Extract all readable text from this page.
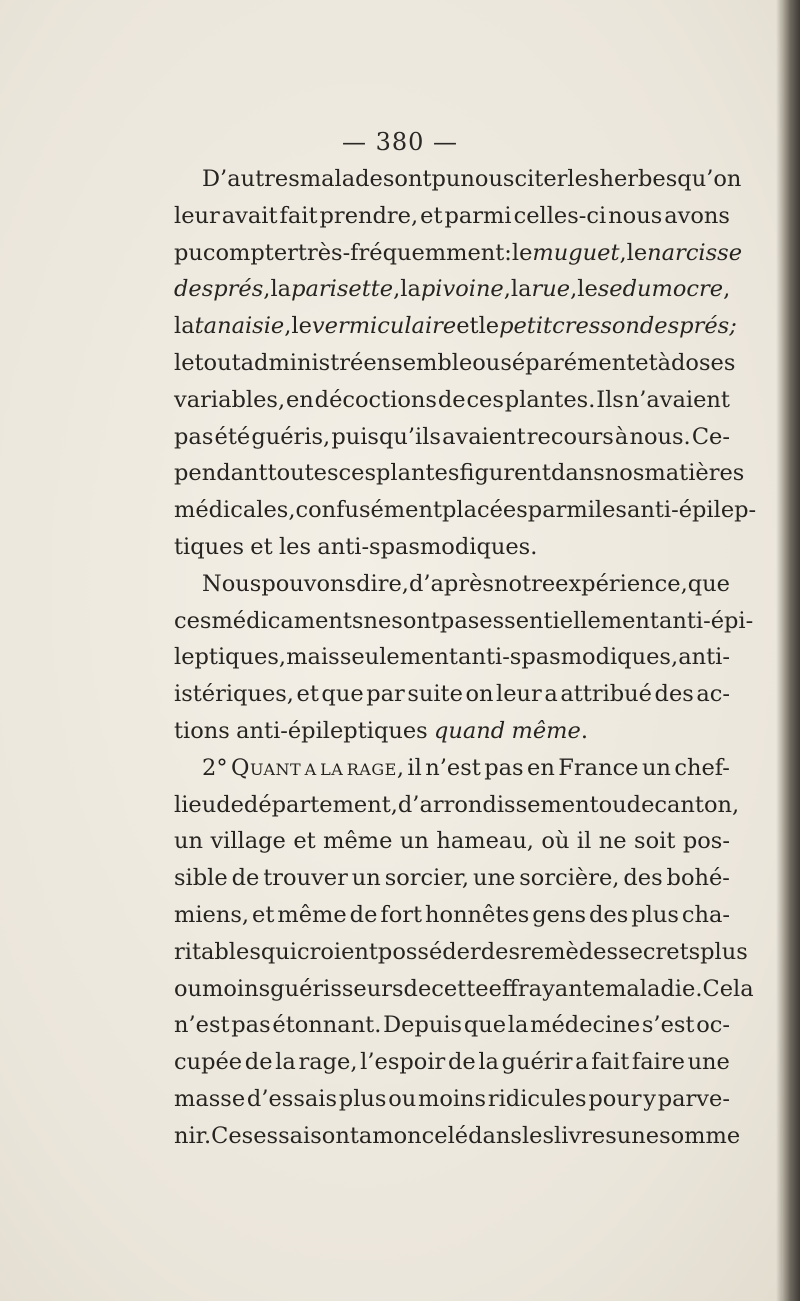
— 380 —
D’autres malades ont pu nous citer les herbes qu’on
leur avait fait prendre, et parmi celles-ci nous avons
pu compter très-fréquemment : le muguet, le narcisse
des prés, la parisette, la pivoine, la rue, le sedum ocre,
la tanaisie, le vermiculaire et le petit cresson des prés;
le tout administré ensemble ou séparément et à doses
variables, en décoctions de ces plantes. Ils n’avaient
pas été guéris, puisqu’ils avaient recours à nous. Ce-
pendant toutes ces plantes figurent dans nos matières
médicales, confusément placées parmi les anti-épilep-
tiques et les anti-spasmodiques.
Nous pouvons dire, d’après notre expérience, que
ces médicaments ne sont pas essentiellement anti-épi-
leptiques, mais seulement anti-spasmodiques, anti-
istériques, et que par suite on leur a attribué des ac-
tions anti-épileptiques quand même.
2° Quant a la rage, il n’est pas en France un chef-
lieu de département, d’arrondissement ou de canton,
un village et même un hameau, où il ne soit pos-
sible de trouver un sorcier, une sorcière, des bohé-
miens, et même de fort honnêtes gens des plus cha-
ritables qui croient posséder des remèdes secrets plus
ou moins guérisseurs de cette effrayante maladie. Cela
n’est pas étonnant. Depuis que la médecine s’est oc-
cupée de la rage, l’espoir de la guérir a fait faire une
masse d’essais plus ou moins ridicules pour y parve-
nir. Ces essais ont amoncelé dans les livres une somme
